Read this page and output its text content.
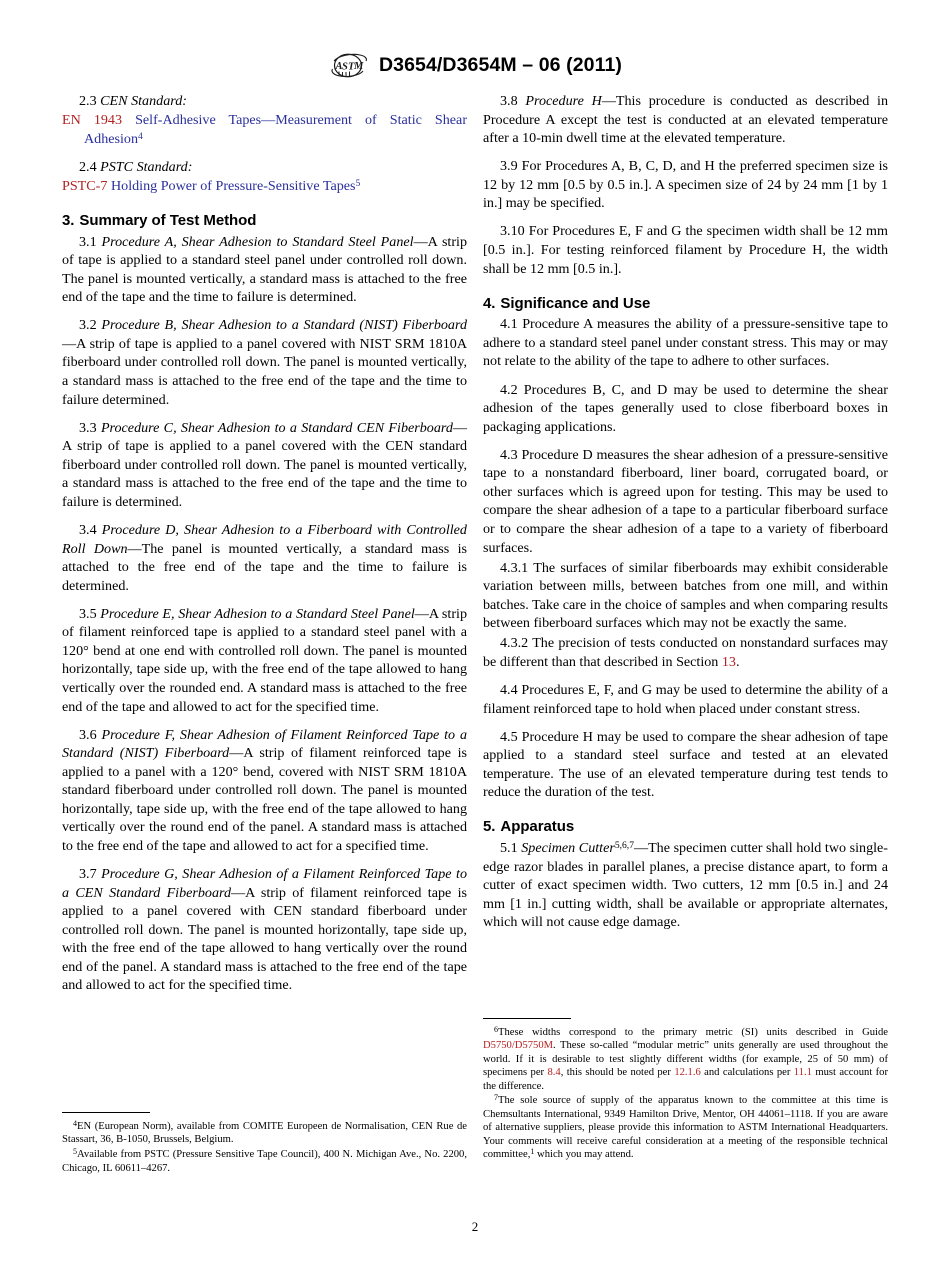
A S T M D3654/D3654M – 06 (2011)

2.3 CEN Standard:

EN 1943 Self-Adhesive Tapes—Measurement of Static Shear Adhesion$^4$

2.4 PSTC Standard:

PSTC-7 Holding Power of Pressure-Sensitive Tapes$^5$

3. Summary of Test Method

3.1 Procedure A, Shear Adhesion to Standard Steel Panel—A strip of tape is applied to a standard steel panel under controlled roll down. The panel is mounted vertically, a standard mass is attached to the free end of the tape and the time to failure is determined.

3.2 Procedure B, Shear Adhesion to a Standard (NIST) Fiberboard—A strip of tape is applied to a panel covered with NIST SRM 1810A fiberboard under controlled roll down. The panel is mounted vertically, a standard mass is attached to the free end of the tape and the time to failure determined.

3.3 Procedure C, Shear Adhesion to a Standard CEN Fiberboard—A strip of tape is applied to a panel covered with the CEN standard fiberboard under controlled roll down. The panel is mounted vertically, a standard mass is attached to the free end of the tape and the time to failure is determined.

3.4 Procedure D, Shear Adhesion to a Fiberboard with Controlled Roll Down—The panel is mounted vertically, a standard mass is attached to the free end of the tape and the time to failure is determined.

3.5 Procedure E, Shear Adhesion to a Standard Steel Panel—A strip of filament reinforced tape is applied to a standard steel panel with a 120° bend at one end with controlled roll down. The panel is mounted horizontally, tape side up, with the free end of the tape allowed to hang vertically over the rounded end. A standard mass is attached to the free end of the tape and allowed to act for the specified time.

3.6 Procedure F, Shear Adhesion of Filament Reinforced Tape to a Standard (NIST) Fiberboard—A strip of filament reinforced tape is applied to a panel with a 120° bend, covered with NIST SRM 1810A standard fiberboard under controlled roll down. The panel is mounted horizontally, tape side up, with the free end of the tape allowed to hang vertically over the round end of the panel. A standard mass is attached to the free end of the tape and allowed to act for a specified time.

3.7 Procedure G, Shear Adhesion of a Filament Reinforced Tape to a CEN Standard Fiberboard—A strip of filament reinforced tape is applied to a panel covered with CEN standard fiberboard under controlled roll down. The panel is mounted horizontally, tape side up, with the free end of the tape allowed to hang vertically over the round end of the panel. A standard mass is attached to the free end of the tape and allowed to act for the specified time.

3.8 Procedure H—This procedure is conducted as described in Procedure A except the test is conducted at an elevated temperature after a 10-min dwell time at the elevated temperature.

3.9 For Procedures A, B, C, D, and H the preferred specimen size is 12 by 12 mm [0.5 by 0.5 in.]. A specimen size of 24 by 24 mm [1 by 1 in.] may be specified.

3.10 For Procedures E, F and G the specimen width shall be 12 mm [0.5 in.]. For testing reinforced filament by Procedure H, the width shall be 12 mm [0.5 in.].

4. Significance and Use

4.1 Procedure A measures the ability of a pressure-sensitive tape to adhere to a standard steel panel under constant stress. This may or may not relate to the ability of the tape to adhere to other surfaces.

4.2 Procedures B, C, and D may be used to determine the shear adhesion of the tapes generally used to close fiberboard boxes in packaging applications.

4.3 Procedure D measures the shear adhesion of a pressure-sensitive tape to a nonstandard fiberboard, liner board, corrugated board, or other surfaces which is agreed upon for testing. This may be used to compare the shear adhesion of a tape to a particular fiberboard surface or to compare the shear adhesion of a tape to a variety of fiberboard surfaces.

4.3.1 The surfaces of similar fiberboards may exhibit considerable variation between mills, between batches from one mill, and within batches. Take care in the choice of samples and when comparing results between fiberboard surfaces which may not be exactly the same.

4.3.2 The precision of tests conducted on nonstandard surfaces may be different than that described in Section 13.

4.4 Procedures E, F, and G may be used to determine the ability of a filament reinforced tape to hold when placed under constant stress.

4.5 Procedure H may be used to compare the shear adhesion of tape applied to a standard steel surface and tested at an elevated temperature. The use of an elevated temperature during test tends to reduce the duration of the test.

5. Apparatus

5.1 Specimen Cutter$^{5,6,7}$—The specimen cutter shall hold two single-edge razor blades in parallel planes, a precise distance apart, to form a cutter of exact specimen width. Two cutters, 12 mm [0.5 in.] and 24 mm [1 in.] cutting width, shall be available or appropriate alternates, which will not cause edge damage.

$^4$EN (European Norm), available from COMITE Europeen de Normalisation, CEN Rue de Stassart, 36, B-1050, Brussels, Belgium.

$^5$Available from PSTC (Pressure Sensitive Tape Council), 400 N. Michigan Ave., No. 2200, Chicago, IL 60611–4267.

$^6$These widths correspond to the primary metric (SI) units described in Guide D5750/D5750M. These so-called “modular metric” units generally are used throughout the world. If it is desirable to test slightly different widths (for example, 25 of 50 mm) of specimens per 8.4, this should be noted per 12.1.6 and calculations per 11.1 must account for the difference.

$^7$The sole source of supply of the apparatus known to the committee at this time is Chemsultants International, 9349 Hamilton Drive, Mentor, OH 44061–1118. If you are aware of alternative suppliers, please provide this information to ASTM International Headquarters. Your comments will receive careful consideration at a meeting of the responsible technical committee,$^1$ which you may attend.

2
